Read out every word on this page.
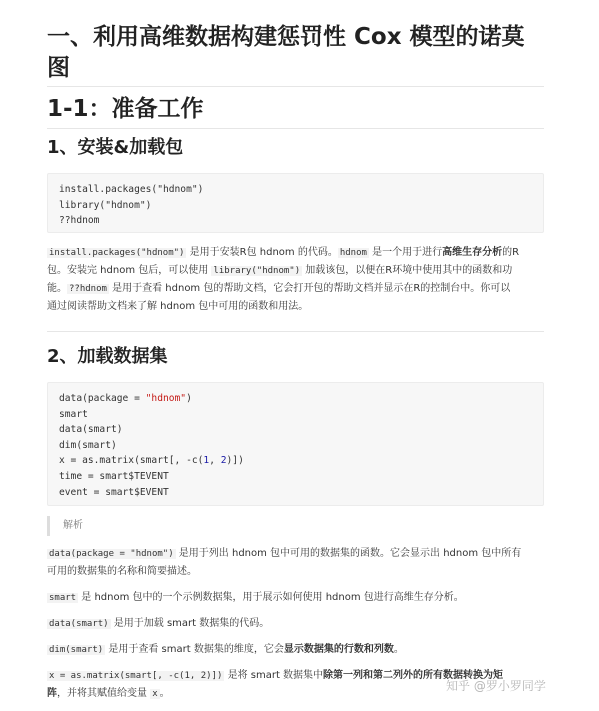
一、利用高维数据构建惩罚性 Cox 模型的诺莫
图
1-1：准备工作
1、安装&加载包
install.packages("hdnom")
library("hdnom")
??hdnom
install.packages("hdnom") 是用于安装R包 hdnom 的代码。 hdnom 是一个用于进行高维生存分析的R
包。安装完 hdnom 包后，可以使用 library("hdnom") 加载该包，以便在R环境中使用其中的函数和功
能。 ??hdnom 是用于查看 hdnom 包的帮助文档，它会打开包的帮助文档并显示在R的控制台中。你可以
通过阅读帮助文档来了解 hdnom 包中可用的函数和用法。
2、加载数据集
data(package = "hdnom")
smart
data(smart)
dim(smart)
x = as.matrix(smart[, -c(1, 2)])
time = smart$TEVENT
event = smart$EVENT
解析
data(package = "hdnom") 是用于列出 hdnom 包中可用的数据集的函数。它会显示出 hdnom 包中所有
可用的数据集的名称和简要描述。
smart 是 hdnom 包中的一个示例数据集，用于展示如何使用 hdnom 包进行高维生存分析。
data(smart) 是用于加载 smart 数据集的代码。
dim(smart) 是用于查看 smart 数据集的维度，它会显示数据集的行数和列数。
x = as.matrix(smart[, -c(1, 2)]) 是将 smart 数据集中除第一列和第二列外的所有数据转换为矩
阵，并将其赋值给变量 x 。
知乎 @罗小罗同学
